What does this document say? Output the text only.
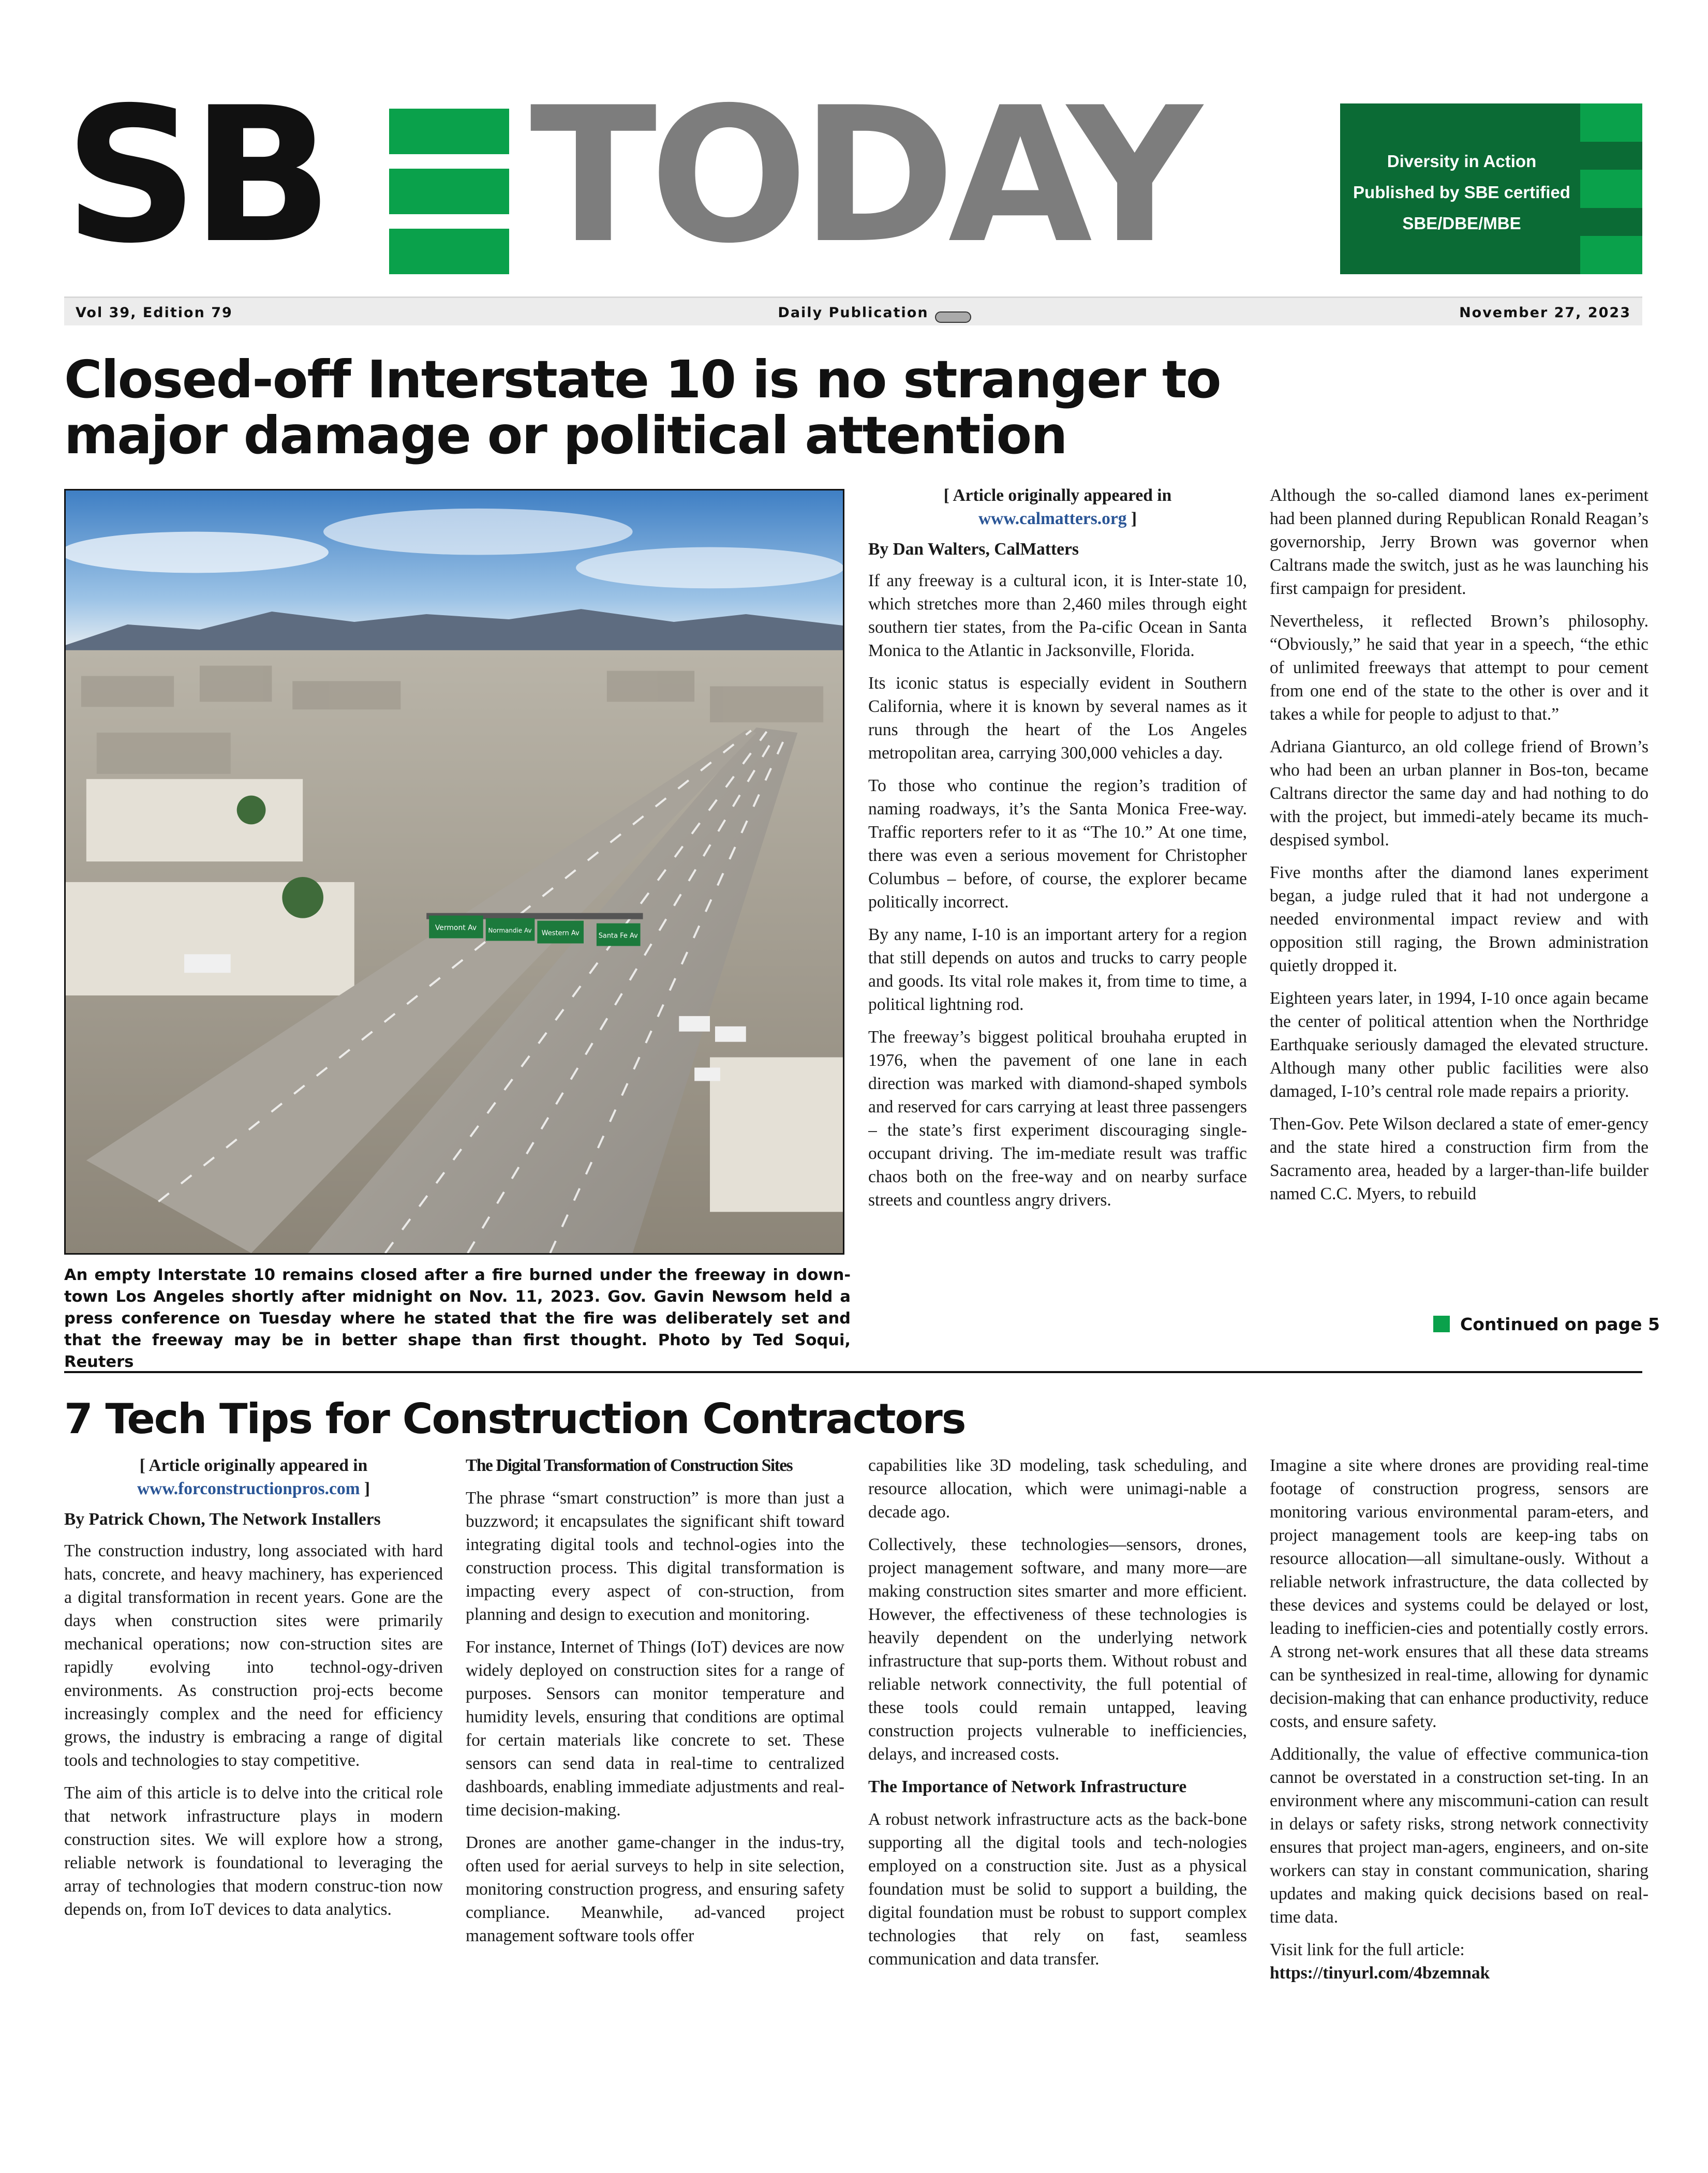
SB TODAY	Diversity in Action
Published by SBE certified
SBE/DBE/MBE
Vol 39, Edition 79	Daily Publication	November 27, 2023
Closed-off Interstate 10 is no stranger to major damage or political attention
Vermont Av Normandie Av Western Av	Santa Fe Av
An empty Interstate 10 remains closed after a fire burned under the freeway in down-town Los Angeles shortly after midnight on Nov. 11, 2023. Gov. Gavin Newsom held a press conference on Tuesday where he stated that the fire was deliberately set and that the freeway may be in better shape than first thought. Photo by Ted Soqui, Reuters
[ Article originally appeared in
www.calmatters.org ]
By Dan Walters, CalMatters

If any freeway is a cultural icon, it is Inter-state 10, which stretches more than 2,460 miles through eight southern tier states, from the Pa-cific Ocean in Santa Monica to the Atlantic in Jacksonville, Florida.

Its iconic status is especially evident in Southern California, where it is known by several names as it runs through the heart of the Los Angeles metropolitan area, carrying 300,000 vehicles a day.

To those who continue the region’s tradition of naming roadways, it’s the Santa Monica Free-way. Traffic reporters refer to it as “The 10.” At one time, there was even a serious movement for Christopher Columbus – before, of course, the explorer became politically incorrect.

By any name, I-10 is an important artery for a region that still depends on autos and trucks to carry people and goods. Its vital role makes it, from time to time, a political lightning rod.

The freeway’s biggest political brouhaha erupted in 1976, when the pavement of one lane in each direction was marked with diamond-shaped symbols and reserved for cars carrying at least three passengers – the state’s first experiment discouraging single-occupant driving. The im-mediate result was traffic chaos both on the free-way and on nearby surface streets and countless angry drivers.

Although the so-called diamond lanes ex-periment had been planned during Republican Ronald Reagan’s governorship, Jerry Brown was governor when Caltrans made the switch, just as he was launching his first campaign for president.

Nevertheless, it reflected Brown’s philosophy. “Obviously,” he said that year in a speech, “the ethic of unlimited freeways that attempt to pour cement from one end of the state to the other is over and it takes a while for people to adjust to that.”

Adriana Gianturco, an old college friend of Brown’s who had been an urban planner in Bos-ton, became Caltrans director the same day and had nothing to do with the project, but immedi-ately became its much-despised symbol.

Five months after the diamond lanes experiment began, a judge ruled that it had not undergone a needed environmental impact review and with opposition still raging, the Brown administration quietly dropped it.

Eighteen years later, in 1994, I-10 once again became the center of political attention when the Northridge Earthquake seriously damaged the elevated structure. Although many other public facilities were also damaged, I-10’s central role made repairs a priority.

Then-Gov. Pete Wilson declared a state of emer-gency and the state hired a construction firm from the Sacramento area, headed by a larger-than-life builder named C.C. Myers, to rebuild

Continued on page 5
7 Tech Tips for Construction Contractors
[ Article originally appeared in
www.forconstructionpros.com ]
By Patrick Chown, The Network Installers

The construction industry, long associated with hard hats, concrete, and heavy machinery, has experienced a digital transformation in recent years. Gone are the days when construction sites were primarily mechanical operations; now con-struction sites are rapidly evolving into technol-ogy-driven environments. As construction proj-ects become increasingly complex and the need for efficiency grows, the industry is embracing a range of digital tools and technologies to stay competitive.

The aim of this article is to delve into the critical role that network infrastructure plays in modern construction sites. We will explore how a strong, reliable network is foundational to leveraging the array of technologies that modern construc-tion now depends on, from IoT devices to data analytics.

The Digital Transformation of Construction Sites

The phrase “smart construction” is more than just a buzzword; it encapsulates the significant shift toward integrating digital tools and technol-ogies into the construction process. This digital transformation is impacting every aspect of con-struction, from planning and design to execution and monitoring.

For instance, Internet of Things (IoT) devices are now widely deployed on construction sites for a range of purposes. Sensors can monitor temperature and humidity levels, ensuring that conditions are optimal for certain materials like concrete to set. These sensors can send data in real-time to centralized dashboards, enabling immediate adjustments and real-time decision-making.

Drones are another game-changer in the indus-try, often used for aerial surveys to help in site selection, monitoring construction progress, and ensuring safety compliance. Meanwhile, ad-vanced project management software tools offer

capabilities like 3D modeling, task scheduling, and resource allocation, which were unimagi-nable a decade ago.

Collectively, these technologies—sensors, drones, project management software, and many more—are making construction sites smarter and more efficient. However, the effectiveness of these technologies is heavily dependent on the underlying network infrastructure that sup-ports them. Without robust and reliable network connectivity, the full potential of these tools could remain untapped, leaving construction projects vulnerable to inefficiencies, delays, and increased costs.

The Importance of Network Infrastructure

A robust network infrastructure acts as the back-bone supporting all the digital tools and tech-nologies employed on a construction site. Just as a physical foundation must be solid to support a building, the digital foundation must be robust to support complex technologies that rely on fast, seamless communication and data transfer.

Imagine a site where drones are providing real-time footage of construction progress, sensors are monitoring various environmental param-eters, and project management tools are keep-ing tabs on resource allocation—all simultane-ously. Without a reliable network infrastructure, the data collected by these devices and systems could be delayed or lost, leading to inefficien-cies and potentially costly errors. A strong net-work ensures that all these data streams can be synthesized in real-time, allowing for dynamic decision-making that can enhance productivity, reduce costs, and ensure safety.

Additionally, the value of effective communica-tion cannot be overstated in a construction set-ting. In an environment where any miscommuni-cation can result in delays or safety risks, strong network connectivity ensures that project man-agers, engineers, and on-site workers can stay in constant communication, sharing updates and making quick decisions based on real-time data.

Visit link for the full article:

https://tinyurl.com/4bzemnak
